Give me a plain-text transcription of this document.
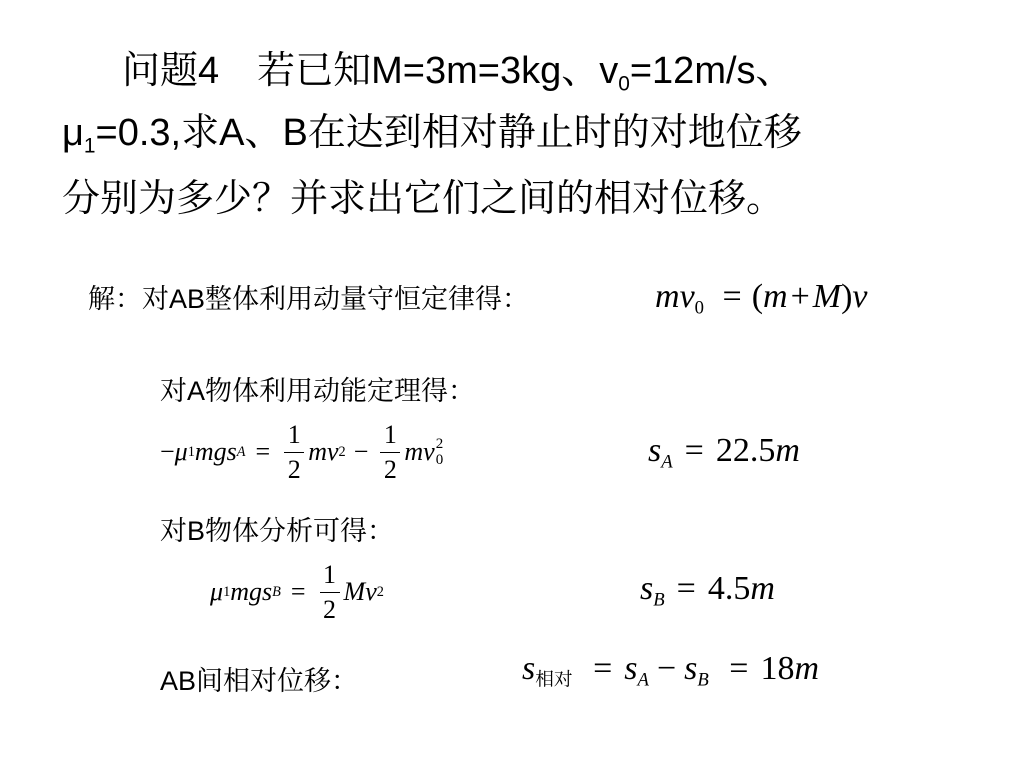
问题4　若已知M=3m=3kg、$v_0=12m/s$、
$\mu_1=0.3$,求A、B在达到相对静止时的对地位移
分别为多少？并求出它们之间的相对位移。
解：对AB整体利用动量守恒定律得：	$mv_0 = (m+M)v$
对A物体利用动能定理得：
− μ 1 mgs $A = \frac{1}{2}$ mv $2 - \frac{1}{2}$ mv 2
0	$s_A = 22.5m$
对B物体分析可得：
μ 1 mgs $B = \frac{1}{2}$ Mv 2	$s_B = 4.5m$
AB间相对位移：	$s_{相对} = s_A - s_B = 18m$
